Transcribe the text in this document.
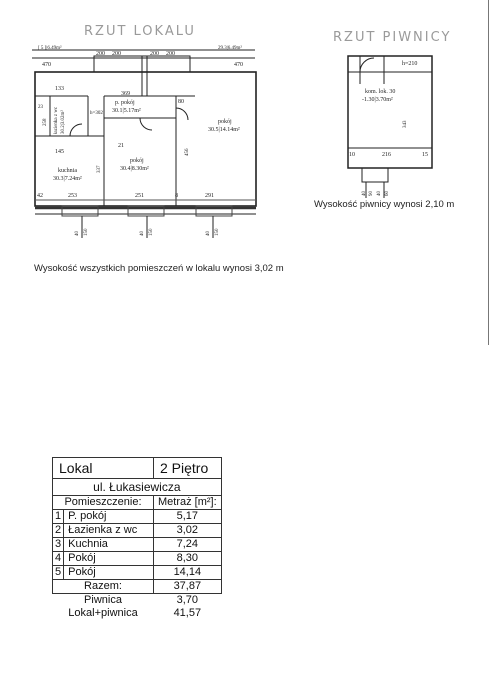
RZUT LOKALU	RZUT PIWNICY
[ 5 ]|6.49m²	29.3|6.49m²
470	470
200 200	200 200
133
369
80
145
21
337
258
456
h=302
42	253	251	8	291
40 150	40 150	40 150
23 łazienka z wc 30.2|3.02m²
kuchnia
30.3|7.24m²
p. pokój
30.1|5.17m²
pokój
30.4|8.30m²
pokój
30.5|14.14m²
h=210
kom. lok. 30
-1.30|3.70m²
343
216
10	15
40 90 40 60
Wysokość piwnicy wynosi 2,10 m
Wysokość wszystkich pomieszczeń w lokalu wynosi 3,02 m
Lokal		2 Piętro
ul. Łukasiewicza		
Pomieszczenie:		Metraż [m²]:
1	P. pokój	5,17
2	Łazienka z wc	3,02
3	Kuchnia	7,24
4	Pokój	8,30
5	Pokój	14,14
Razem:		37,87
Piwnica		3,70
Lokal+piwnica		41,57
